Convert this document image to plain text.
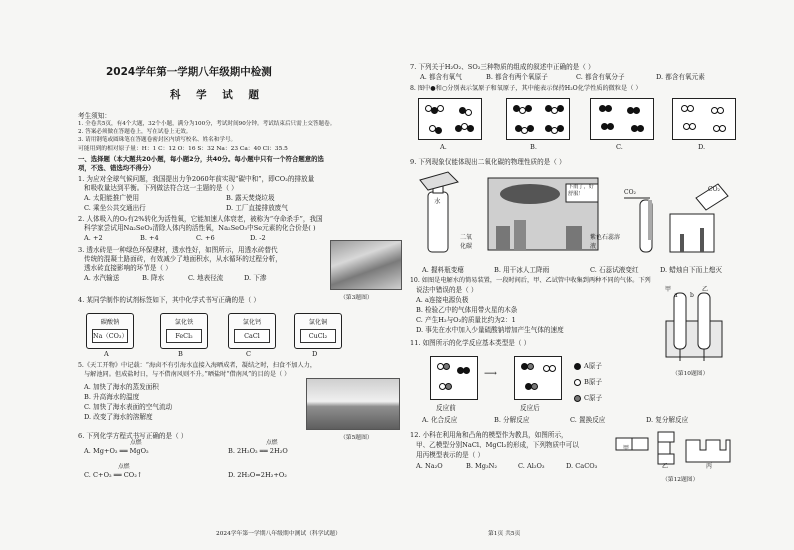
2024学年第一学期八年级期中检测
科 学 试 题
考生须知：
1. 全卷共5页，有4个大题，32个小题，满分为100分，考试时间90分钟。考试结束后只需上交答题卷。
2. 答案必须做在答题卷上，写在试卷上无效。
3. 请用钢笔或圆珠笔在答题卷密封区内填写校名、姓名和学号。
可能用到的相对原子量：H：1 C：12 O：16 S：32 Na：23 Ca：40 Cl：35.5
一、选择题（本大题共20小题，每小题2分，共40分。每小题中只有一个符合题意的选
项，不选、错选均不得分）
1. 为应对全球气候问题，我国提出力争2060年前实现“碳中和”，即CO₂的排放量
和吸收量达到平衡。下列做法符合这一主题的是（ ）
A. 太阳能推广使用	B. 露天焚烧垃圾
C. 乘坐公共交通出行	D. 工厂直接排放废气
2. 人体吸入的O₂有2%转化为活性氧，它能加速人体衰老，被称为“夺命杀手”，我国
科学家尝试用Na₂SeO₃清除人体内的活性氧，Na₂SeO₃中Se元素的化合价是( )
A. +2	B. +4	C. +6	D. -2
3. 透水砖是一种绿色环保建材，透水性好，如图所示，用透水砖替代
传统的混凝土路面砖，有效减少了地面积水，从水循环的过程分析，
透水砖直接影响的环节是（ ）
A. 水汽输送	B. 降水	C. 地表径流	D. 下渗
（第3题图）
4. 某同学制作的试剂标签如下，其中化学式书写正确的是（ ）
碳酸钠
Na（CO₃）
氯化铁
FeCl₂
氯化钙
CaCl
氯化铜
CuCl₂
A	B	C	D
5.《天工开物》中记载：“海卤不有引海水直接入海晒成者，凝结之时，扫食不加人力，
与解池同。但成盐时日，与不借南风则不升。”晒盐时“借南风”的目的是（ ）
A. 加快了海水的蒸发面积
B. 升高海水的温度
C. 加快了海水表面的空气流动
D. 改变了海水的溶解度
（第5题图）
6. 下列化学方程式书写正确的是（ ）
点燃
A. Mg+O₂ ══ MgO₂
点燃
B. 2H₂O₂ ══ 2H₂O
点燃
C. C+O₂ ══ CO₂↑	D. 2H₂O=2H₂+O₂
2024学年第一学期八年级期中测试（科学试题）
7. 下列关于H₂O₂、SO₂三种物质的组成的叙述中正确的是（ ）
A. 都含有氧气	B. 都含有两个氧原子	C. 都含有氧分子	D. 都含有氧元素
8. 图中●和○分别表示氢原子和氧原子，其中能表示保持H₂O化学性质的微粒是（ ）
A.	B.	C.	D.
9. 下列现象仅能体现出二氧化碳的物理性质的是（ ）
水
二氧化碳
下雨了，好舒服！	CO₂
紫色石蕊溶液
CO₂
A. 握料瓶变瘪	B. 用干冰人工降雨	C. 石蕊试液变红	D. 蜡烛自下而上熄灭
10. 如图是电解水的简易装置，一段时间后，甲、乙试管中收集到两种不同的气体。下列
说法中错误的是（ ）
A. a连接电源负极
B. 检验乙中的气体用带火星的木条
C. 产生H₂与O₂的质量比约为2：1
D. 事先在水中加入少量硫酸钠增加产生气体的速度
甲	乙
a b
（第10题图）
11. 如图所示的化学反应基本类型是（ ）
⟶
反应前	反应后
A原子
B原子
C原子
A. 化合反应	B. 分解反应	C. 置换反应	D. 复分解反应
12. 小科在利用角和凸角的模型作为教具，如图所示，
甲、乙模型分别NaCl、MgCl₂的形成，下列物质中可以
用丙模型表示的是（ ）
A. Na₂O	B. Mg₃N₂	C. Al₂O₃	D. CaCO₃
甲
乙	丙
（第12题图）
第1页 共5页
